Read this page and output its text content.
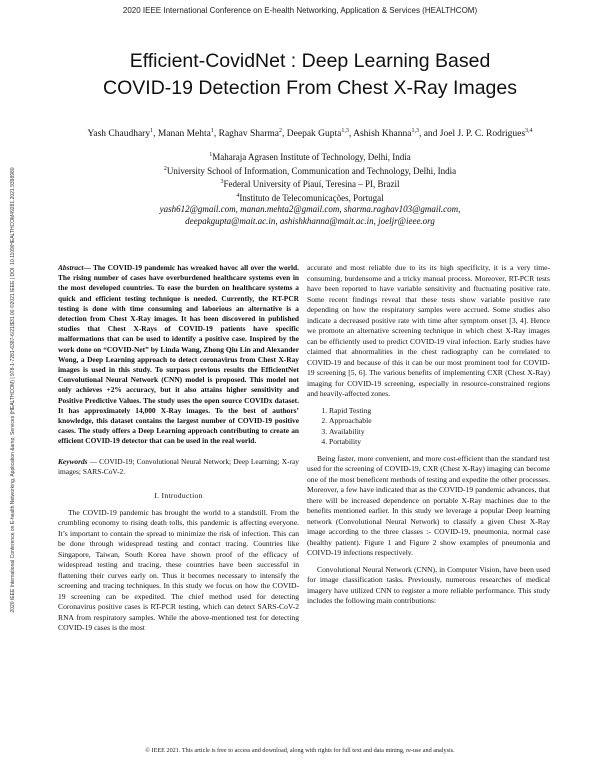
2020 IEEE International Conference on E-health Networking, Application & Services (HEALTHCOM)
2020 IEEE International Conference on E-health Networking, Application &amp; Services (HEALTHCOM) | 978-1-7281-6387-6/21/$31.00 ©2021 IEEE | DOI: 10.1109/HEALTHCOM49281.2021.9398980
Efficient-CovidNet : Deep Learning Based
COVID-19 Detection From Chest X-Ray Images
Yash Chaudhary$^1$, Manan Mehta$^1$, Raghav Sharma$^2$, Deepak Gupta$^{1,3}$, Ashish Khanna$^{1,3}$, and Joel J. P. C. Rodrigues$^{3,4}$
$^1$Maharaja Agrasen Institute of Technology, Delhi, India
$^2$University School of Information, Communication and Technology, Delhi, India
$^3$Federal University of Piauí, Teresina – PI, Brazil
$^4$Instituto de Telecomunicações, Portugal
yash612@gmail.com, manan.mehta2@gmail.com, sharma.raghav103@gmail.com,
deepakgupta@mait.ac.in, ashishkhanna@mait.ac.in, joeljr@ieee.org
Abstract— The COVID-19 pandemic has wreaked havoc all over the world. The rising number of cases have overburdened healthcare systems even in the most developed countries. To ease the burden on healthcare systems a quick and efficient testing technique is needed. Currently, the RT-PCR testing is done with time consuming and laborious an alternative is a detection from Chest X-Ray images. It has been discovered in published studies that Chest X-Rays of COVID-19 patients have specific malformations that can be used to identify a positive case. Inspired by the work done on “COVID-Net” by Linda Wang, Zhong Qiu Lin and Alexander Wong, a Deep Learning approach to detect coronavirus from Chest X-Ray images is used in this study. To surpass previous results the EfficientNet Convolutional Neural Network (CNN) model is proposed. This model not only achieves +2% accuracy, but it also attains higher sensitivity and Positive Predictive Values. The study uses the open source COVIDx dataset. It has approximately 14,000 X-Ray images. To the best of authors’ knowledge, this dataset contains the largest number of COVID-19 positive cases. The study offers a Deep Learning approach contributing to create an efficient COVID-19 detector that can be used in the real world.
Keywords — COVID-19; Convolutional Neural Network; Deep Learning; X-ray images; SARS-CoV-2.
I. Introduction

The COVID-19 pandemic has brought the world to a standstill. From the crumbling economy to rising death tolls, this pandemic is affecting everyone. It’s important to contain the spread to minimize the risk of infection. This can be done through widespread testing and contact tracing. Countries like Singapore, Taiwan, South Korea have shown proof of the efficacy of widespread testing and tracing, these countries have been successful in flattening their curves early on. Thus it becomes necessary to intensify the screening and tracing techniques. In this study we focus on how the COVID-19 screening can be expedited. The chief method used for detecting Coronavirus positive cases is RT-PCR testing, which can detect SARS-CoV-2 RNA from respiratory samples. While the above-mentioned test for detecting COVID-19 cases is the most

accurate and most reliable due to its its high specificity, it is a very time-consuming, burdensome and a tricky manual process. Moreover, RT-PCR tests have been reported to have variable sensitivity and fluctuating positive rate. Some recent findings reveal that these tests show variable positive rate depending on how the respiratory samples were accrued. Some studies also indicate a decreased positive rate with time after symptom onset [3, 4]. Hence we promote an alternative screening technique in which chest X-Ray images can be efficiently used to predict COVID-19 viral infection. Early studies have claimed that abnormalities in the chest radiography can be correlated to COVID-19 and because of this it can be our most prominent tool for COVID-19 screening [5, 6]. The various benefits of implementing CXR (Chest X-Ray) imaging for COVID-19 screening, especially in resource-constrained regions and heavily-affected zones.

1. Rapid Testing
2. Approachable
3. Availability
4. Portability

Being faster, more convenient, and more cost-efficient than the standard test used for the screening of COVID-19, CXR (Chest X-Ray) imaging can become one of the most beneficent methods of testing and expedite the other processes. Moreover, a few have indicated that as the COVID-19 pandemic advances, that there will be increased dependence on portable X-Ray machines due to the benefits mentioned earlier. In this study we leverage a popular Deep learning network (Convolutional Neural Network) to classify a given Chest X-Ray image according to the three classes :- COVID-19, pneumonia, normal case (healthy patient). Figure 1 and Figure 2 show examples of pneumonia and COIVD-19 infections respectively.

Convolutional Neural Network (CNN), in Computer Vision, have been used for image classification tasks. Previously, numerous researches of medical imagery have utilized CNN to register a more reliable performance. This study includes the following main contributions:

© IEEE 2021. This article is free to access and download, along with rights for full text and data mining, re-use and analysis.
